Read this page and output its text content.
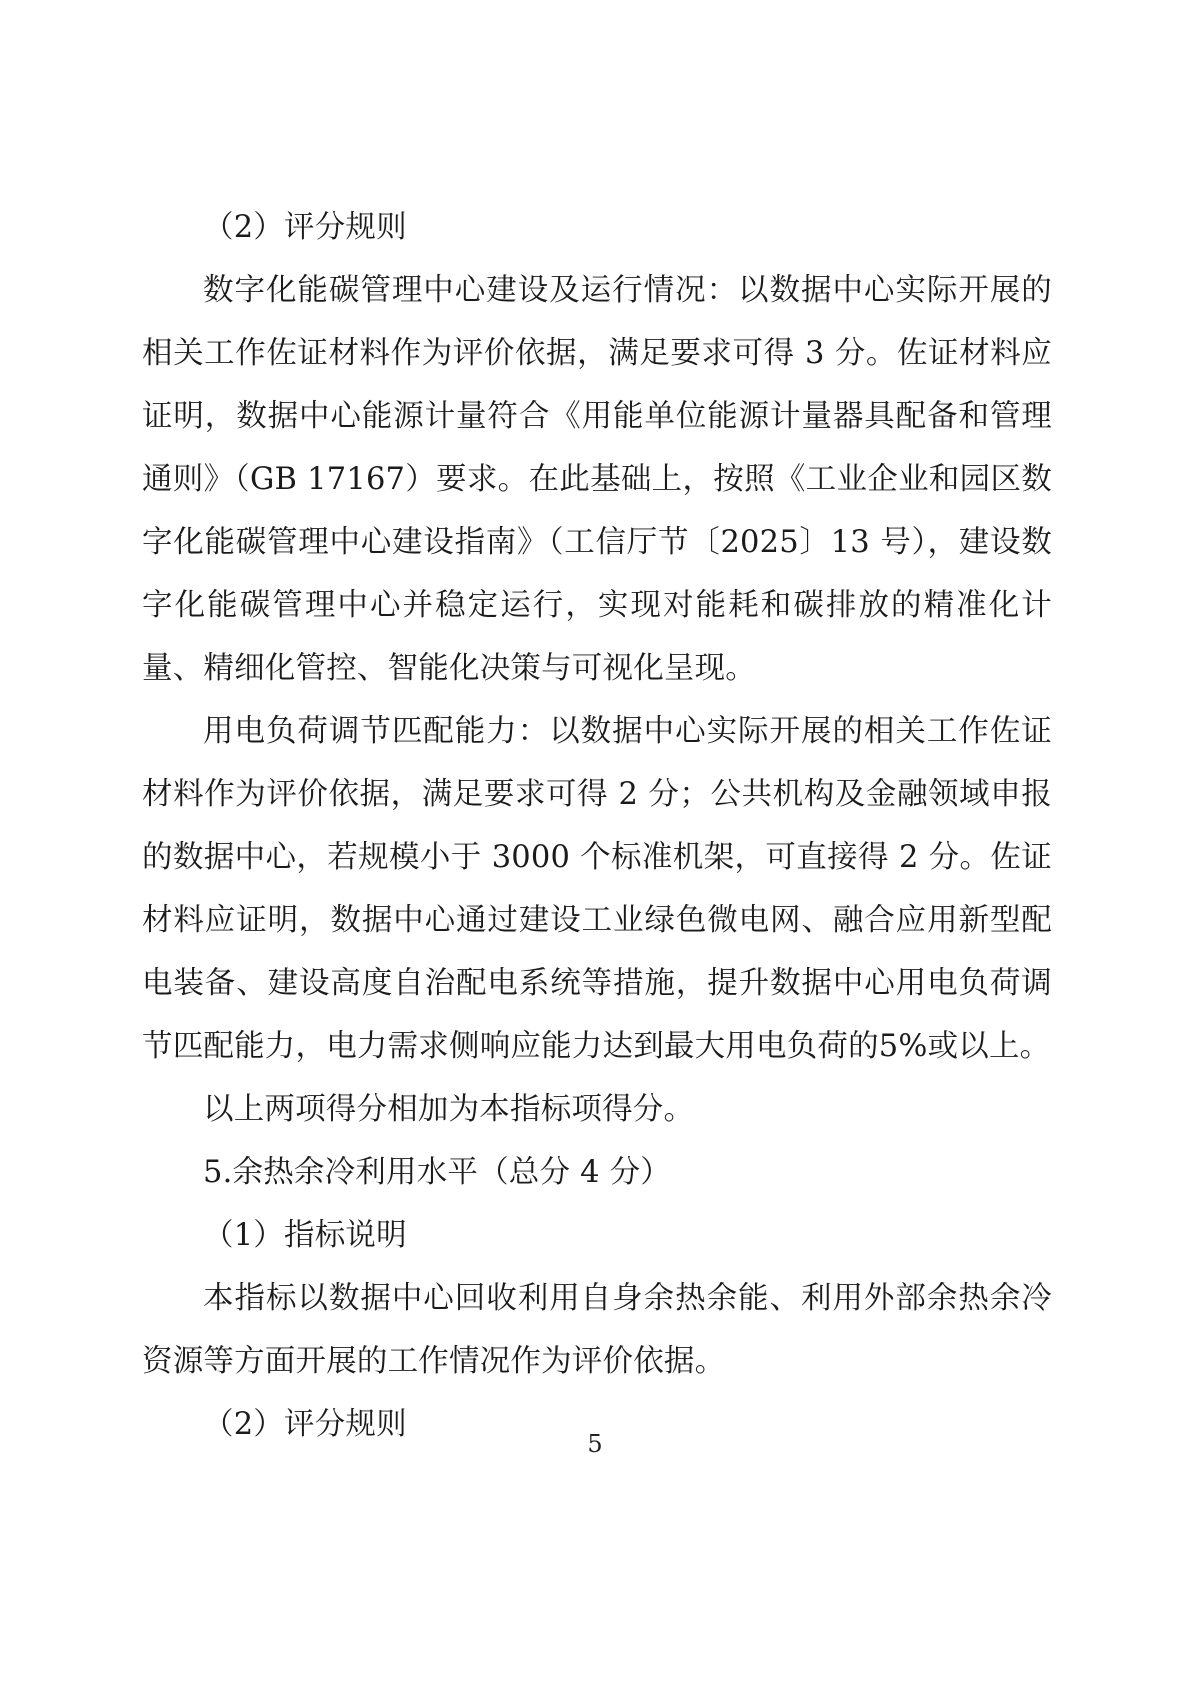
（2）评分规则

数字化能碳管理中心建设及运行情况：以数据中心实际开展的相关工作佐证材料作为评价依据，满足要求可得 3 分。佐证材料应证明，数据中心能源计量符合《用能单位能源计量器具配备和管理通则》（GB 17167）要求。在此基础上，按照《工业企业和园区数字化能碳管理中心建设指南》（工信厅节〔2025〕13 号），建设数字化能碳管理中心并稳定运行，实现对能耗和碳排放的精准化计量、精细化管控、智能化决策与可视化呈现。

用电负荷调节匹配能力：以数据中心实际开展的相关工作佐证材料作为评价依据，满足要求可得 2 分；公共机构及金融领域申报的数据中心，若规模小于 3000 个标准机架，可直接得 2 分。佐证材料应证明，数据中心通过建设工业绿色微电网、融合应用新型配电装备、建设高度自治配电系统等措施，提升数据中心用电负荷调节匹配能力，电力需求侧响应能力达到最大用电负荷的5%或以上。

以上两项得分相加为本指标项得分。

5.余热余冷利用水平（总分 4 分）

（1）指标说明

本指标以数据中心回收利用自身余热余能、利用外部余热余冷资源等方面开展的工作情况作为评价依据。

（2）评分规则

5
